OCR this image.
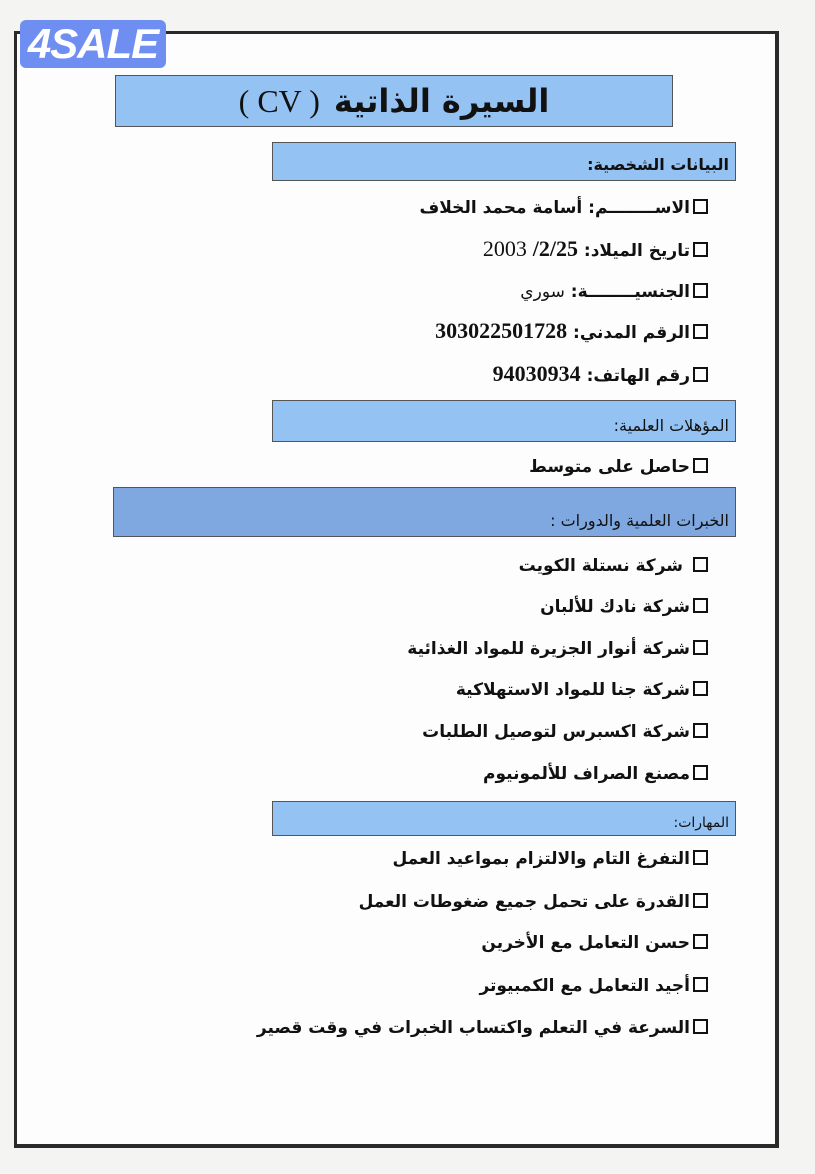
4SALE
السيرة الذاتية
( CV )
البيانات الشخصية:
الاســــــــم: أسامة محمد الخلاف
تاريخ الميلاد: 2/25/ 2003
الجنسيــــــــة: سوري
الرقم المدني: 303022501728
رقم الهاتف: 94030934
المؤهلات العلمية:
حاصل على متوسط
الخبرات العلمية والدورات :
شركة نستلة الكويت
شركة نادك للألبان
شركة أنوار الجزيرة للمواد الغذائية
شركة جنا للمواد الاستهلاكية
شركة اكسبرس لتوصيل الطلبات
مصنع الصراف للألمونيوم
المهارات:
التفرغ التام والالتزام بمواعيد العمل
القدرة على تحمل جميع ضغوطات العمل
حسن التعامل مع الأخرين
أجيد التعامل مع الكمبيوتر
السرعة في التعلم واكتساب الخبرات في وقت قصير
